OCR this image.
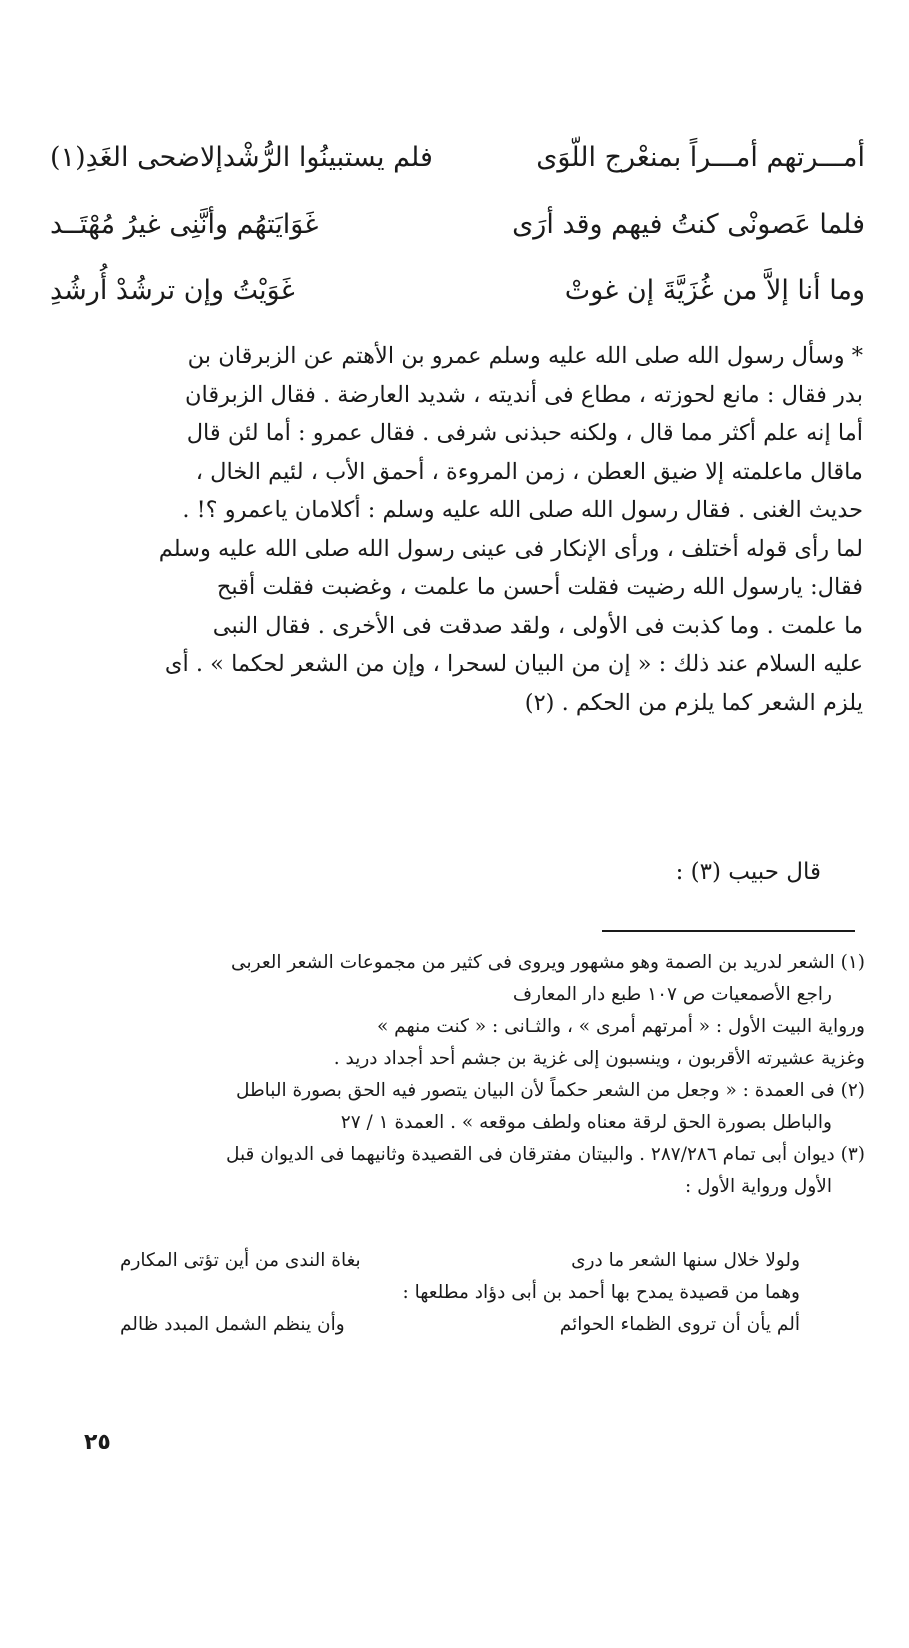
أمـــرتهم أمـــراً بمنعْرج اللّوَى
فلم يستبينُوا الرُّشْدإلاضحى الغَدِ(١)
فلما عَصونْى كنتُ فيهم وقد أرَى
غَوَايَتهُم وأنَّنِى غيرُ مُهْتَــد
وما أنا إلاَّ من غُزَيَّةَ إن غوتْ
غَوَيْتُ وإن ترشُدْ أُرشُدِ

* وسأل رسول الله صلى الله عليه وسلم عمرو بن الأهتم عن الزبرقان بن

بدر فقال : مانع لحوزته ، مطاع فى أنديته ، شديد العارضة . فقال الزبرقان

أما إنه علم أكثر مما قال ، ولكنه حبذنى شرفى . فقال عمرو : أما لئن قال

ماقال ماعلمته إلا ضيق العطن ، زمن المروءة ، أحمق الأب ، لئيم الخال ،

حديث الغنى . فقال رسول الله صلى الله عليه وسلم : أكلامان ياعمرو ؟! .

لما رأى قوله أختلف ، ورأى الإنكار فى عينى رسول الله صلى الله عليه وسلم

فقال: يارسول الله رضيت فقلت أحسن ما علمت ، وغضبت فقلت أقبح

ما علمت . وما كذبت فى الأولى ، ولقد صدقت فى الأخرى . فقال النبى

عليه السلام عند ذلك : « إن من البيان لسحرا ، وإن من الشعر لحكما » . أى

يلزم الشعر كما يلزم من الحكم . (٢)

قال حبيب (٣) :
(١) الشعر لدريد بن الصمة وهو مشهور ويروى فى كثير من مجموعات الشعر العربى
راجع الأصمعيات ص ١٠٧ طبع دار المعارف
ورواية البيت الأول : « أمرتهم أمرى » ، والثـانى : « كنت منهم »
وغزية عشيرته الأقربون ، وينسبون إلى غزية بن جشم أحد أجداد دريد .
(٢) فى العمدة : « وجعل من الشعر حكماً لأن البيان يتصور فيه الحق بصورة الباطل
والباطل بصورة الحق لرقة معناه ولطف موقعه » . العمدة ١ / ٢٧
(٣) ديوان أبى تمام ٢٨٧/٢٨٦ . والبيتان مفترقان فى القصيدة وثانيهما فى الديوان قبل
الأول ورواية الأول :
ولولا خلال سنها الشعر ما درى
بغاة الندى من أين تؤتى المكارم
وهما من قصيدة يمدح بها أحمد بن أبى دؤاد مطلعها :
ألم يأن أن تروى الظماء الحوائم
وأن ينظم الشمل المبدد ظالم
٢٥
